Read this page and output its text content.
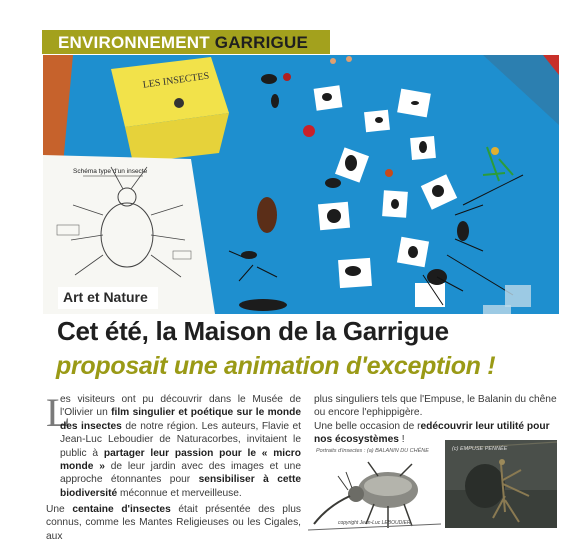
ENVIRONNEMENT GARRIGUE
LES INSECTES
Schéma type d'un insecte
Art et Nature
Cet été, la Maison de la Garrigue
proposait une animation d'exception !
L
es visiteurs ont pu découvrir dans le Musée de l'Olivier un film singulier et poétique sur le monde des insectes de notre région. Les auteurs, Flavie et Jean-Luc Leboudier de Naturacorbes, invitaient le public à partager leur passion pour le « micro monde » de leur jardin avec des images et une approche étonnantes pour sensibiliser à cette biodiversité méconnue et merveilleuse.
Une centaine d'insectes était présentée des plus connus, comme les Mantes Religieuses ou les Cigales, aux
plus singuliers tels que l'Empuse, le Balanin du chêne ou encore l'ephippigère.
Une belle occasion de redécouvrir leur utilité pour nos écosystèmes !
Portraits d'insectes : (a) BALANIN DU CHÊNE
copyright Jean-Luc LEBOUDIER
(c) EMPUSE PENNÉE
